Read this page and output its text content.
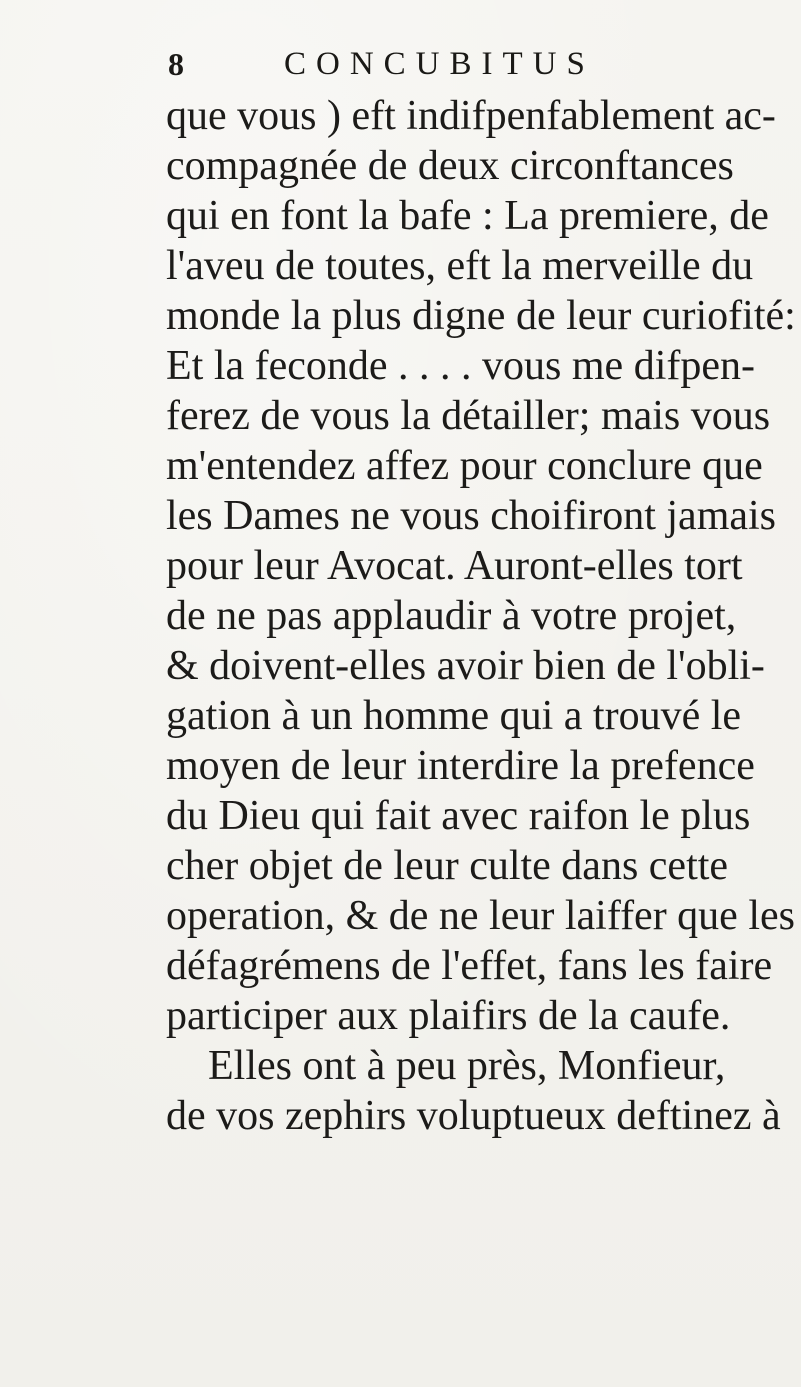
8	CONCUBITUS
que vous ) eft indifpenfablement ac-
compagnée de deux circonftances
qui en font la bafe : La premiere, de
l'aveu de toutes, eft la merveille du
monde la plus digne de leur curiofité:
Et la feconde . . . . vous me difpen-
ferez de vous la détailler; mais vous
m'entendez affez pour conclure que
les Dames ne vous choifiront jamais
pour leur Avocat. Auront-elles tort
de ne pas applaudir à votre projet,
& doivent-elles avoir bien de l'obli-
gation à un homme qui a trouvé le
moyen de leur interdire la prefence
du Dieu qui fait avec raifon le plus
cher objet de leur culte dans cette
operation, & de ne leur laiffer que les
défagrémens de l'effet, fans les faire
participer aux plaifirs de la caufe.
Elles ont à peu près, Monfieur,
de vos zephirs voluptueux deftinez à
